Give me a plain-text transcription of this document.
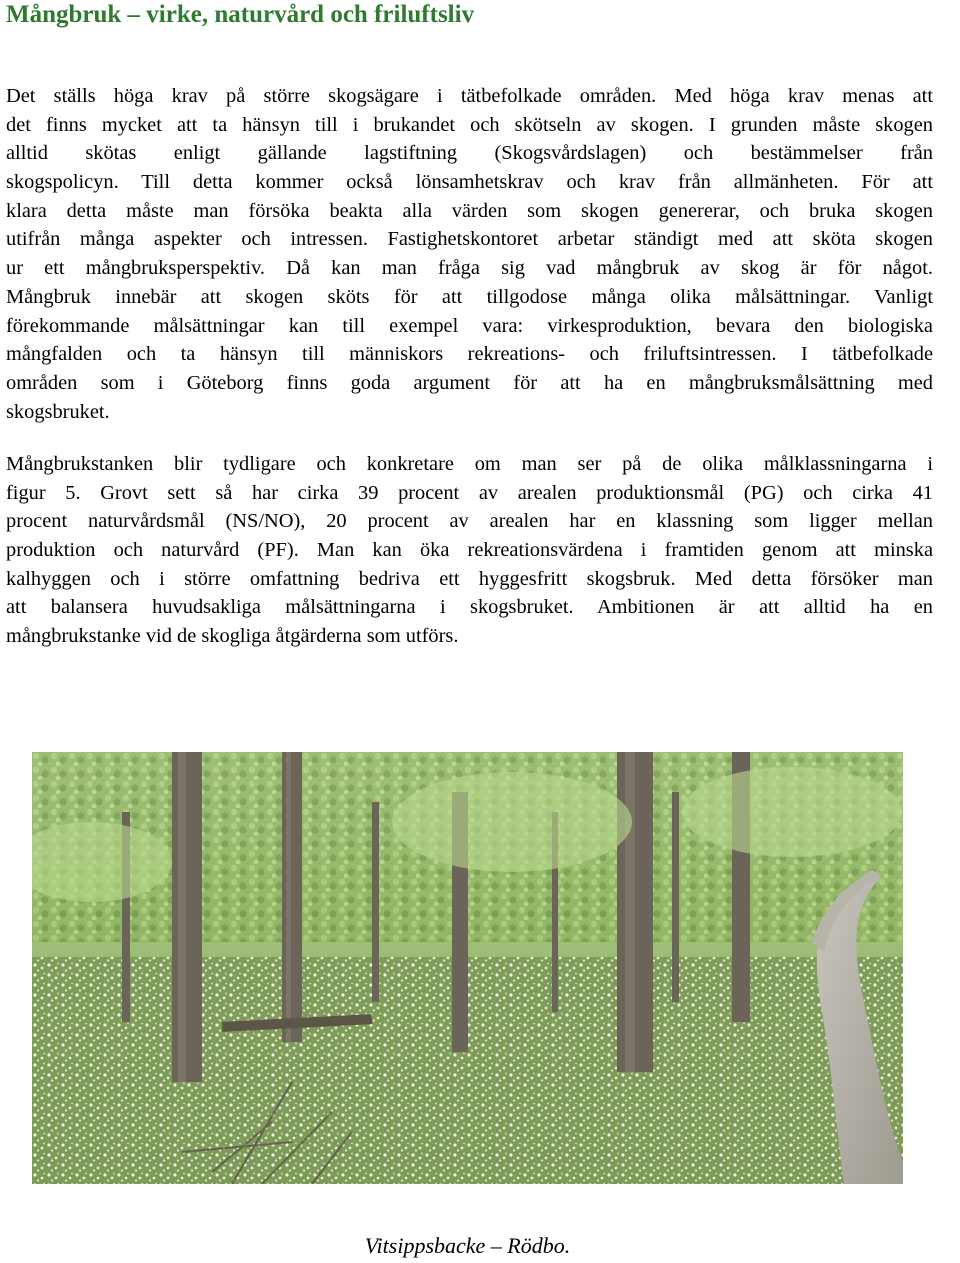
Mångbruk – virke, naturvård och friluftsliv
Det ställs höga krav på större skogsägare i tätbefolkade områden. Med höga krav menas att
det finns mycket att ta hänsyn till i brukandet och skötseln av skogen. I grunden måste skogen
alltid skötas enligt gällande lagstiftning (Skogsvårdslagen) och bestämmelser från
skogspolicyn. Till detta kommer också lönsamhetskrav och krav från allmänheten. För att
klara detta måste man försöka beakta alla värden som skogen genererar, och bruka skogen
utifrån många aspekter och intressen. Fastighetskontoret arbetar ständigt med att sköta skogen
ur ett mångbruksperspektiv. Då kan man fråga sig vad mångbruk av skog är för något.
Mångbruk innebär att skogen sköts för att tillgodose många olika målsättningar. Vanligt
förekommande målsättningar kan till exempel vara: virkesproduktion, bevara den biologiska
mångfalden och ta hänsyn till människors rekreations- och friluftsintressen. I tätbefolkade
områden som i Göteborg finns goda argument för att ha en mångbruksmålsättning med
skogsbruket.
Mångbrukstanken blir tydligare och konkretare om man ser på de olika målklassningarna i
figur 5. Grovt sett så har cirka 39 procent av arealen produktionsmål (PG) och cirka 41
procent naturvårdsmål (NS/NO), 20 procent av arealen har en klassning som ligger mellan
produktion och naturvård (PF). Man kan öka rekreationsvärdena i framtiden genom att minska
kalhyggen och i större omfattning bedriva ett hyggesfritt skogsbruk. Med detta försöker man
att balansera huvudsakliga målsättningarna i skogsbruket. Ambitionen är att alltid ha en
mångbrukstanke vid de skogliga åtgärderna som utförs.
Vitsippsbacke – Rödbo.
